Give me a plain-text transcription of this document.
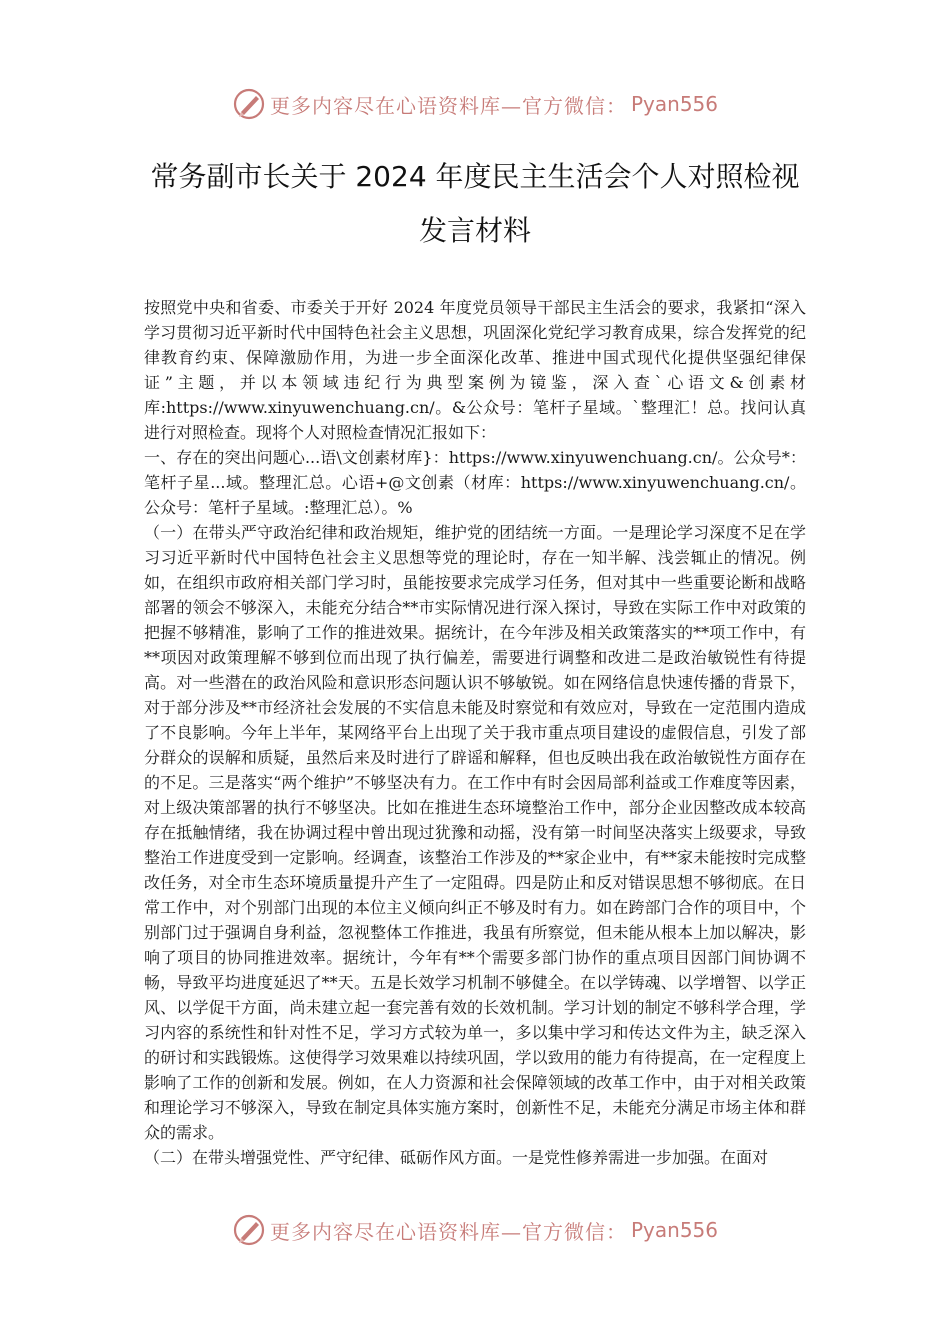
更多内容尽在心语资料库—官方微信： Pyan556
常务副市长关于 2024 年度民主生活会个人对照检视
发言材料

按照党中央和省委、市委关于开好 2024 年度党员领导干部民主生活会的要求，我紧扣“深入学习贯彻习近平新时代中国特色社会主义思想，巩固深化党纪学习教育成果，综合发挥党的纪律教育约束、保障激励作用，为进一步全面深化改革、推进中国式现代化提供坚强纪律保证”主题，并以本领域违纪行为典型案例为镜鉴，深入查`心语文&创素材库:https://www.xinyuwenchuang.cn/。&公众号：笔杆子星域。`整理汇！总。找问认真进行对照检查。现将个人对照检查情况汇报如下：

一、存在的突出问题心...语\文创素材库}：https://www.xinyuwenchuang.cn/。公众号*：笔杆子星...域。整理汇总。心语+@文创素（材库：https://www.xinyuwenchuang.cn/。公众号：笔杆子星域。:整理汇总）。%

（一）在带头严守政治纪律和政治规矩，维护党的团结统一方面。一是理论学习深度不足在学习习近平新时代中国特色社会主义思想等党的理论时，存在一知半解、浅尝辄止的情况。例如，在组织市政府相关部门学习时，虽能按要求完成学习任务，但对其中一些重要论断和战略部署的领会不够深入，未能充分结合**市实际情况进行深入探讨，导致在实际工作中对政策的把握不够精准，影响了工作的推进效果。据统计，在今年涉及相关政策落实的**项工作中，有**项因对政策理解不够到位而出现了执行偏差，需要进行调整和改进二是政治敏锐性有待提高。对一些潜在的政治风险和意识形态问题认识不够敏锐。如在网络信息快速传播的背景下，对于部分涉及**市经济社会发展的不实信息未能及时察觉和有效应对，导致在一定范围内造成了不良影响。今年上半年，某网络平台上出现了关于我市重点项目建设的虚假信息，引发了部分群众的误解和质疑，虽然后来及时进行了辟谣和解释，但也反映出我在政治敏锐性方面存在的不足。三是落实“两个维护”不够坚决有力。在工作中有时会因局部利益或工作难度等因素，对上级决策部署的执行不够坚决。比如在推进生态环境整治工作中，部分企业因整改成本较高存在抵触情绪，我在协调过程中曾出现过犹豫和动摇，没有第一时间坚决落实上级要求，导致整治工作进度受到一定影响。经调查，该整治工作涉及的**家企业中，有**家未能按时完成整改任务，对全市生态环境质量提升产生了一定阻碍。四是防止和反对错误思想不够彻底。在日常工作中，对个别部门出现的本位主义倾向纠正不够及时有力。如在跨部门合作的项目中，个别部门过于强调自身利益，忽视整体工作推进，我虽有所察觉，但未能从根本上加以解决，影响了项目的协同推进效率。据统计，今年有**个需要多部门协作的重点项目因部门间协调不畅，导致平均进度延迟了**天。五是长效学习机制不够健全。在以学铸魂、以学增智、以学正风、以学促干方面，尚未建立起一套完善有效的长效机制。学习计划的制定不够科学合理，学习内容的系统性和针对性不足，学习方式较为单一，多以集中学习和传达文件为主，缺乏深入的研讨和实践锻炼。这使得学习效果难以持续巩固，学以致用的能力有待提高，在一定程度上影响了工作的创新和发展。例如，在人力资源和社会保障领域的改革工作中，由于对相关政策和理论学习不够深入，导致在制定具体实施方案时，创新性不足，未能充分满足市场主体和群众的需求。

（二）在带头增强党性、严守纪律、砥砺作风方面。一是党性修养需进一步加强。在面对

更多内容尽在心语资料库—官方微信： Pyan556
